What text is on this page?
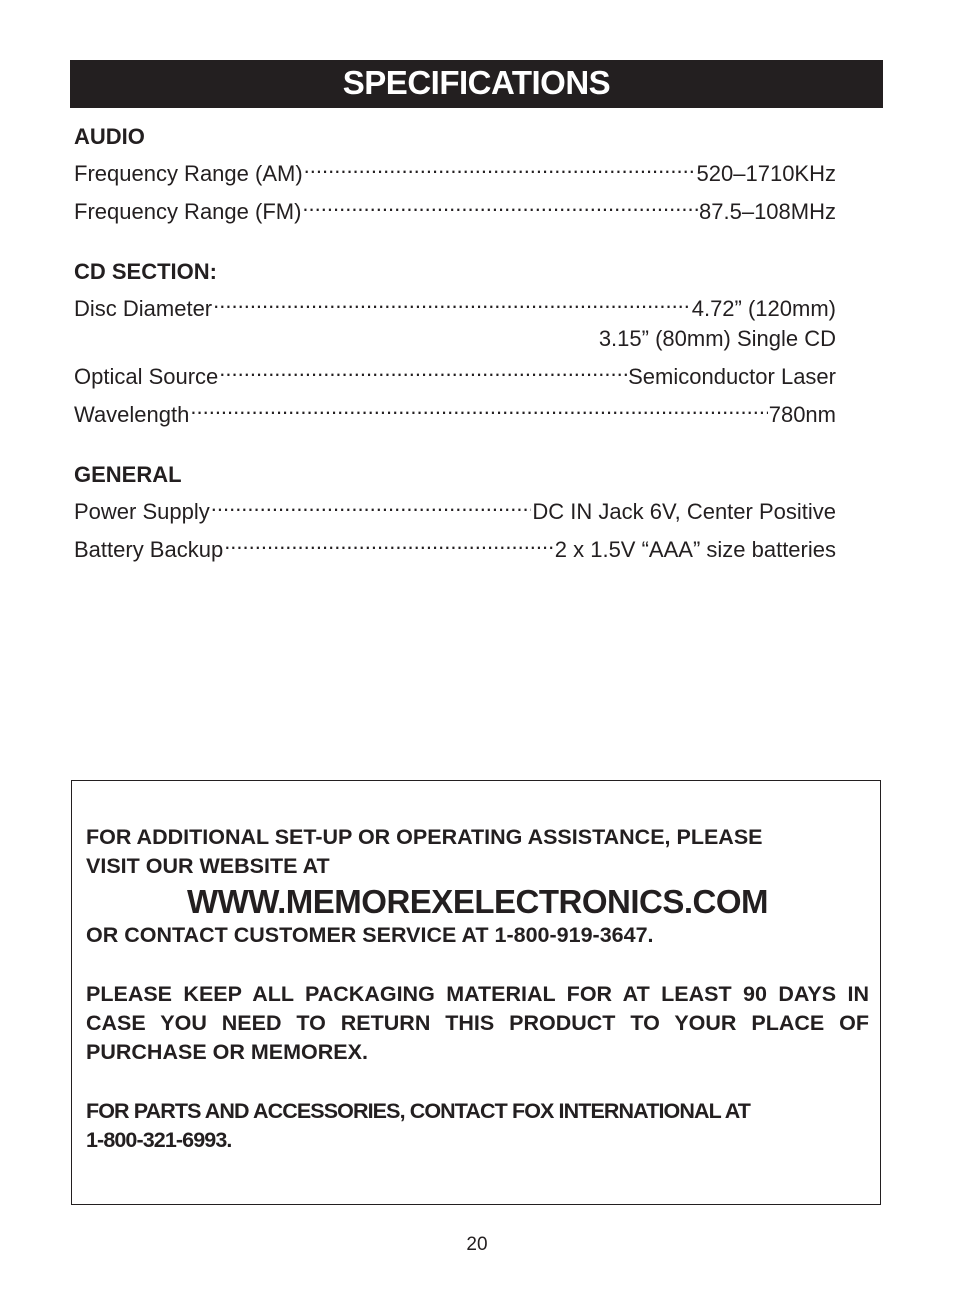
SPECIFICATIONS
AUDIO
Frequency Range (AM) .....	520–1710KHz
Frequency Range (FM) .....	87.5–108MHz
CD SECTION:
Disc Diameter .....	4.72” (120mm)
3.15” (80mm) Single CD
Optical Source .....	Semiconductor Laser
Wavelength .....	780nm
GENERAL
Power Supply .....	DC IN Jack 6V, Center Positive
Battery Backup .....	2 x 1.5V “AAA” size batteries

FOR ADDITIONAL SET-UP OR OPERATING ASSISTANCE, PLEASE

VISIT OUR WEBSITE AT

WWW.MEMOREXELECTRONICS.COM

OR CONTACT CUSTOMER SERVICE AT 1-800-919-3647.

PLEASE KEEP ALL PACKAGING MATERIAL FOR AT LEAST 90 DAYS IN CASE YOU NEED TO RETURN THIS PRODUCT TO YOUR PLACE OF PURCHASE OR MEMOREX.

FOR PARTS AND ACCESSORIES, CONTACT FOX INTERNATIONAL AT

1-800-321-6993.

20
